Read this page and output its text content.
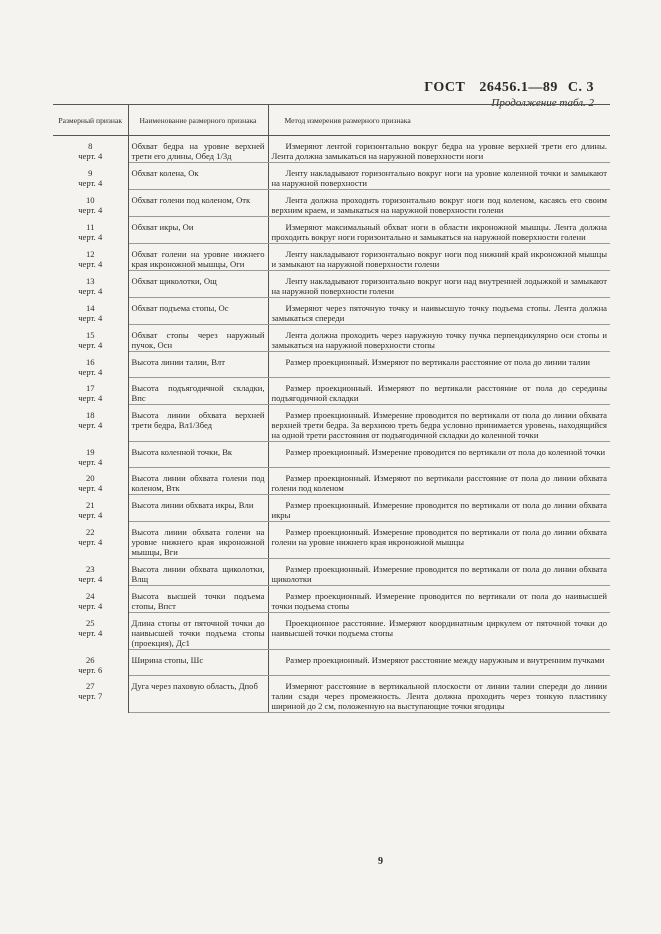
ГОСТ 26456.1—89 С. 3
Продолжение табл. 2
Размерный признак	Наименование размерного признака	Метод измерения размерного признака

8
черт. 4	Обхват бедра на уровне верхней трети его длины, Обед 1/3д	Измеряют лентой горизонтально вокруг бедра на уровне верхней трети его длины. Лента должна замыкаться на наружной поверхности ноги

9
черт. 4	Обхват колена, Ок	Ленту накладывают горизонтально вокруг ноги на уровне коленной точки и замыкают на наружной поверхности

10
черт. 4	Обхват голени под коленом, Отк	Лента должна проходить горизонтально вокруг ноги под коленом, касаясь его своим верхним краем, и замыкаться на наружной поверхности голени

11
черт. 4	Обхват икры, Ои	Измеряют максимальный обхват ноги в области икроножной мышцы. Лента должна проходить вокруг ноги горизонтально и замыкаться на наружной поверхности голени

12
черт. 4	Обхват голени на уровне нижнего края икроножной мышцы, Оги	Ленту накладывают горизонтально вокруг ноги под нижний край икроножной мышцы и замыкают на наружной поверхности голени

13
черт. 4	Обхват щиколотки, Ощ	Ленту накладывают горизонтально вокруг ноги над внутренней лодыжкой и замыкают на наружной поверхности голени

14
черт. 4	Обхват подъема стопы, Ос	Измеряют через пяточную точку и наивысшую точку подъема стопы. Лента должна замыкаться спереди

15
черт. 4	Обхват стопы через наружный пучок, Осн	Лента должна проходить через наружную точку пучка перпендикулярно оси стопы и замыкаться на наружной поверхности стопы

16
черт. 4	Высота линии талии, Влт	Размер проекционный. Измеряют по вертикали расстояние от пола до линии талии

17
черт. 4	Высота подъягодичной складки, Впс	Размер проекционный. Измеряют по вертикали расстояние от пола до середины подъягодичной складки

18
черт. 4	Высота линии обхвата верхней трети бедра, Вл1/3бед	Размер проекционный. Измерение проводится по вертикали от пола до линии обхвата верхней трети бедра. За верхнюю треть бедра условно принимается уровень, находящийся на одной трети расстояния от подъягодичной складки до коленной точки

19
черт. 4	Высота коленной точки, Вк	Размер проекционный. Измерение проводится по вертикали от пола до коленной точки

20
черт. 4	Высота линии обхвата голени под коленом, Втк	Размер проекционный. Измеряют по вертикали расстояние от пола до линии обхвата голени под коленом

21
черт. 4	Высота линии обхвата икры, Вли	Размер проекционный. Измерение проводится по вертикали от пола до линии обхвата икры

22
черт. 4	Высота линии обхвата голени на уровне нижнего края икроножной мышцы, Вги	Размер проекционный. Измерение проводится по вертикали от пола до линии обхвата голени на уровне нижнего края икроножной мышцы

23
черт. 4	Высота линии обхвата щиколотки, Влщ	Размер проекционный. Измерение проводится по вертикали от пола до линии обхвата щиколотки

24
черт. 4	Высота высшей точки подъема стопы, Впст	Размер проекционный. Измерение проводится по вертикали от пола до наивысшей точки подъема стопы

25
черт. 4	Длина стопы от пяточной точки до наивысшей точки подъема стопы (проекция), Дс1	Проекционное расстояние. Измеряют координатным циркулем от пяточной точки до наивысшей точки подъема стопы

26
черт. 6	Ширина стопы, Шс	Размер проекционный. Измеряют расстояние между наружным и внутренним пучками

27
черт. 7	Дуга через паховую область, Дпоб	Измеряют расстояние в вертикальной плоскости от линии талии спереди до линии талии сзади через промежность. Лента должна проходить через тонкую пластинку шириной до 2 см, положенную на выступающие точки ягодицы
9
